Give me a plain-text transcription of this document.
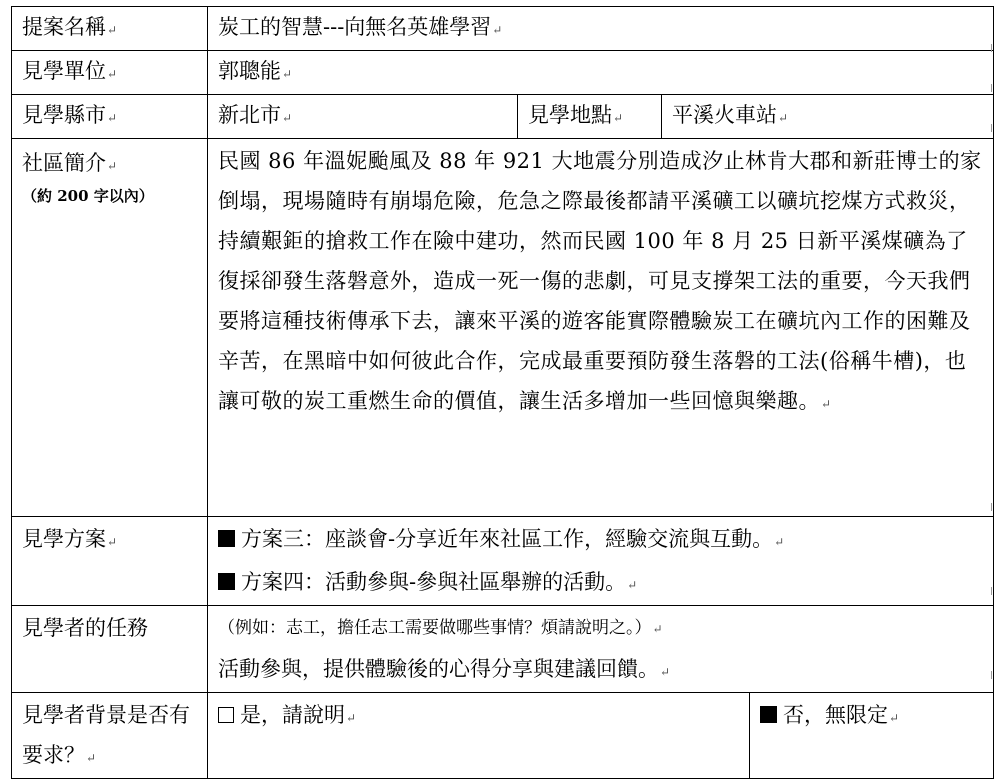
提案名稱↵	炭工的智慧---向無名英雄學習↵			
見學單位↵	郭聰能↵			
見學縣市↵	新北市↵	見學地點↵	平溪火車站↵	

社區簡介↵
（約 200 字以內）	民國 86 年溫妮颱風及 88 年 921 大地震分別造成汐止林肯大郡和新莊博士的家倒塌，現場隨時有崩塌危險，危急之際最後都請平溪礦工以礦坑挖煤方式救災，持續艱鉅的搶救工作在險中建功，然而民國 100 年 8 月 25 日新平溪煤礦為了復採卻發生落磐意外，造成一死一傷的悲劇，可見支撐架工法的重要，今天我們要將這種技術傳承下去，讓來平溪的遊客能實際體驗炭工在礦坑內工作的困難及辛苦，在黑暗中如何彼此合作，完成最重要預防發生落磐的工法(俗稱牛槽)，也讓可敬的炭工重燃生命的價值，讓生活多增加一些回憶與樂趣。↵			
見學方案↵	方案三：座談會-分享近年來社區工作，經驗交流與互動。↵
方案四：活動參與-參與社區舉辦的活動。↵			

見學者的任務	（例如：志工，擔任志工需要做哪些事情？煩請說明之。）↵
活動參與，提供體驗後的心得分享與建議回饋。↵			

見學者背景是否有要求？↵	是，請說明↵			否，無限定↵
